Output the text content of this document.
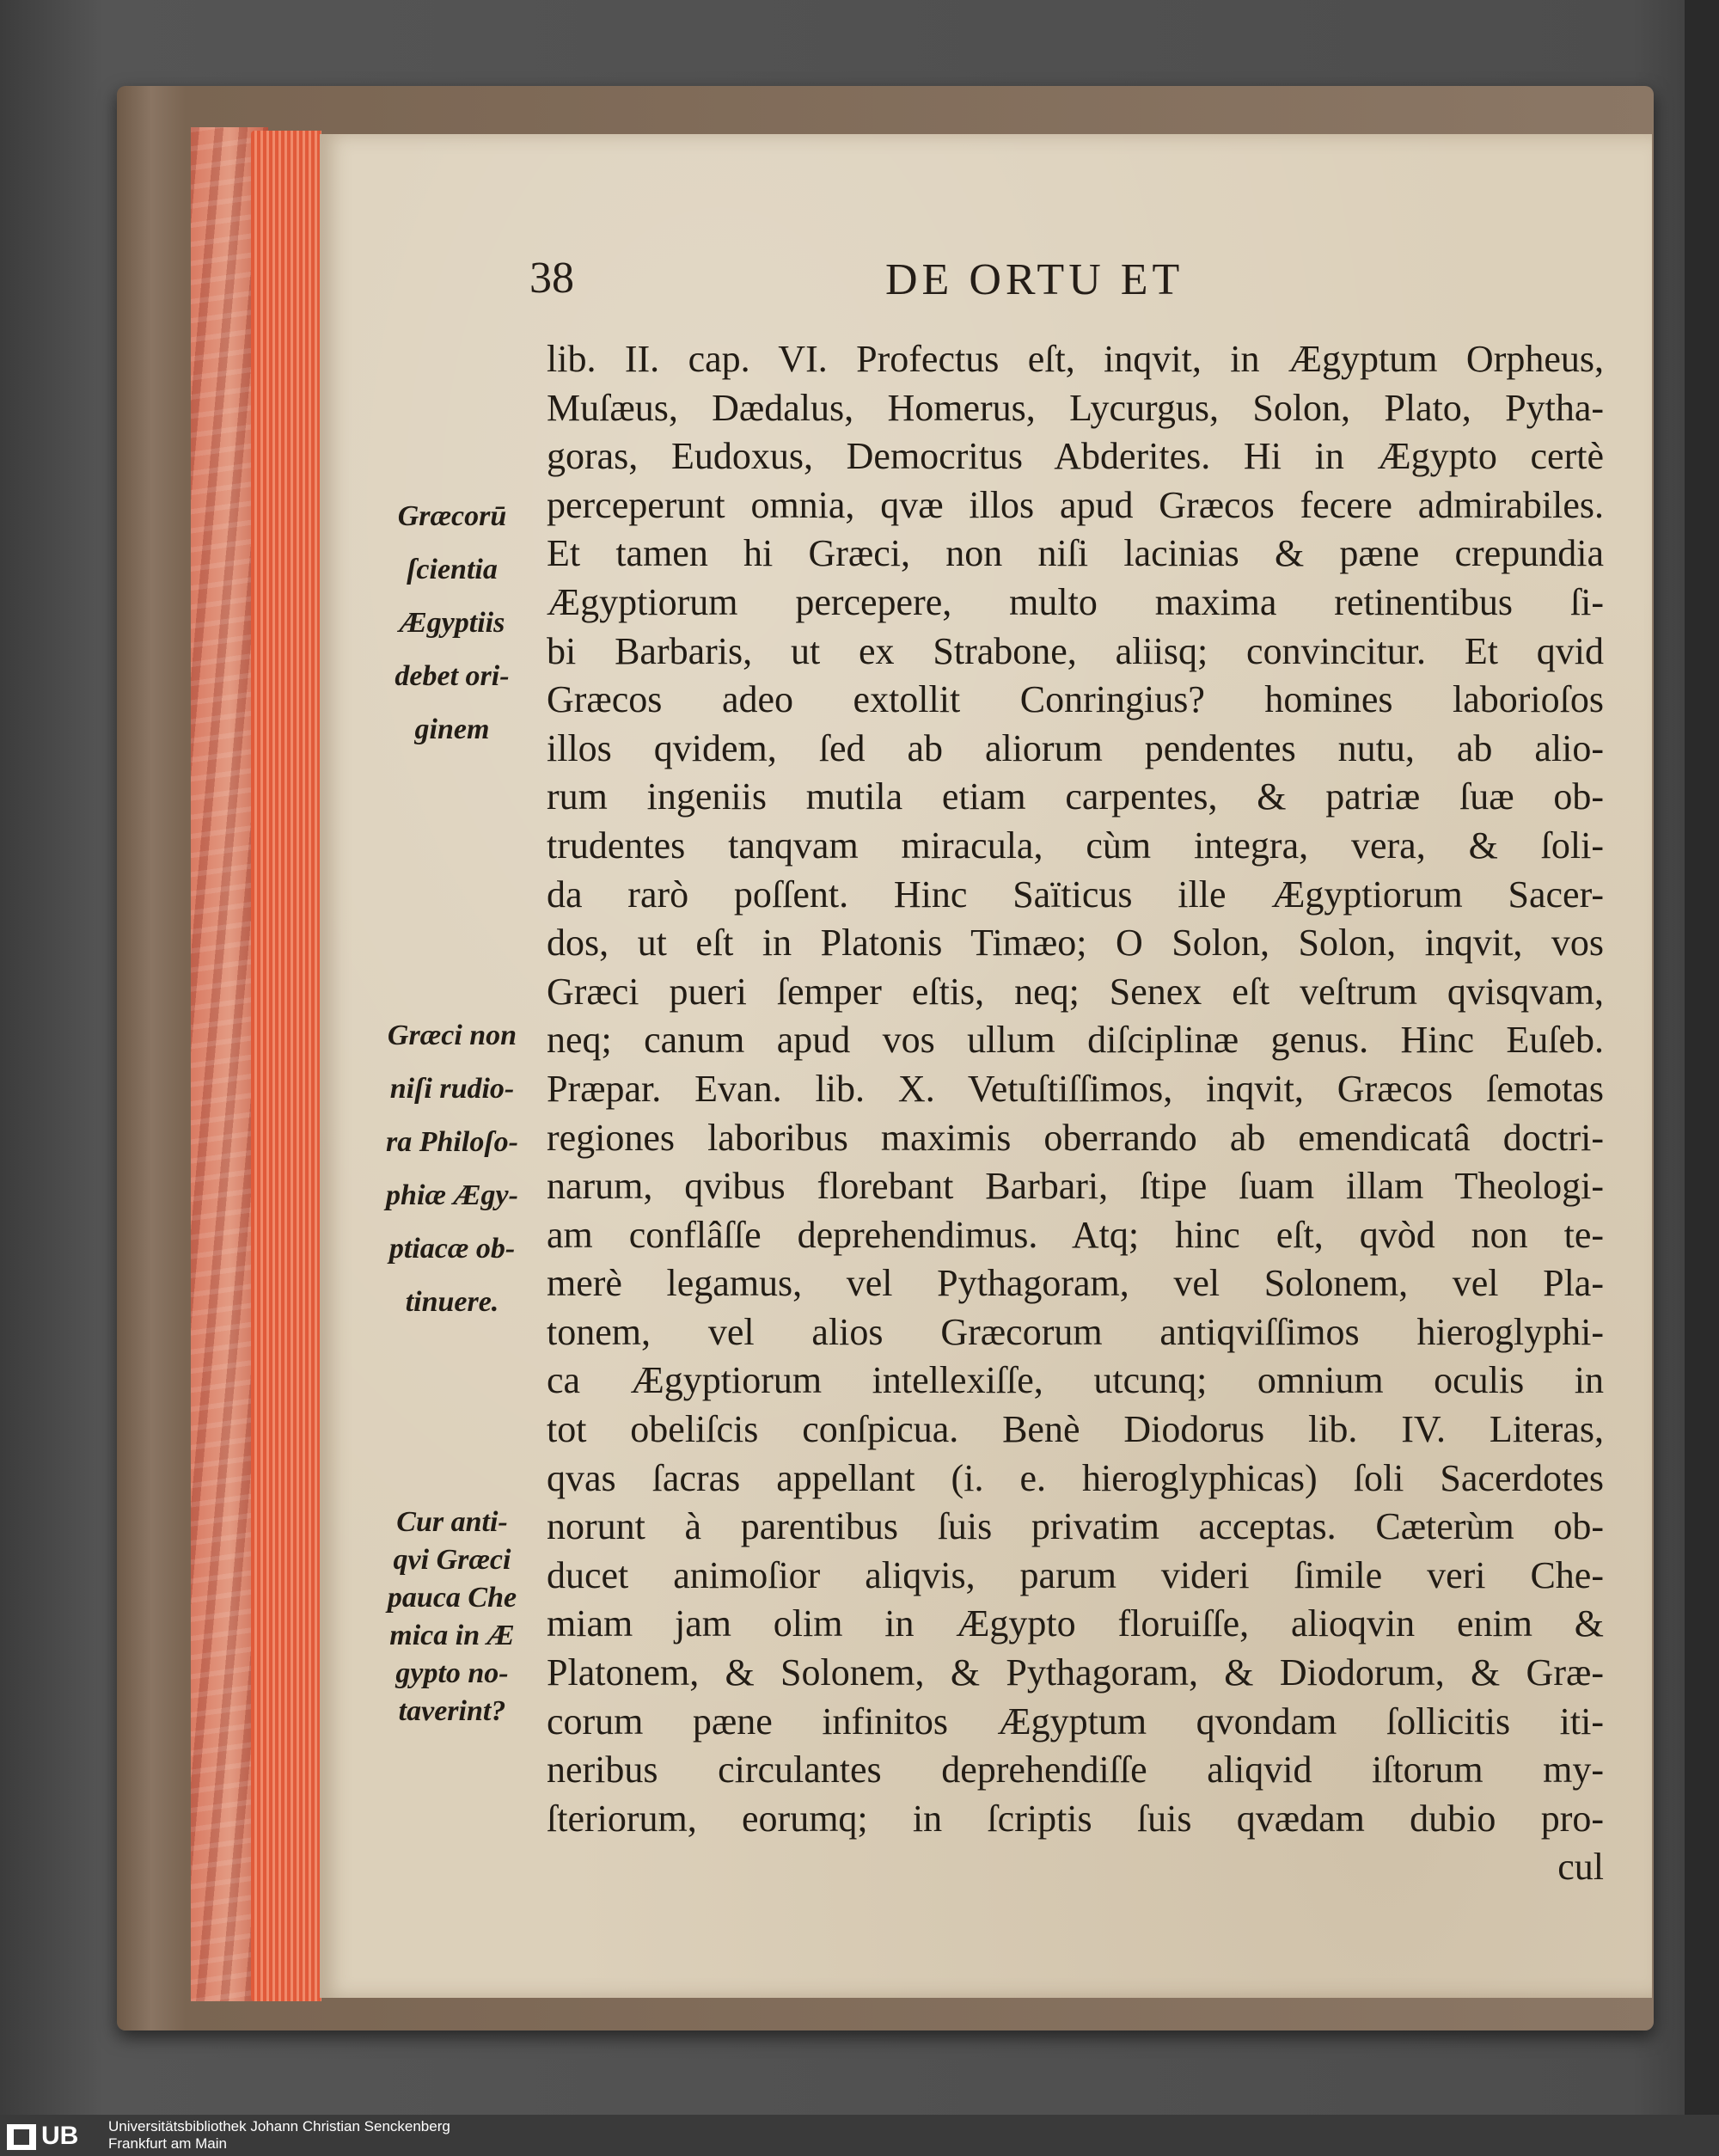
38	DE ORTU ET
lib. II. cap. VI. Profectus eſt, inqvit, in Ægyptum Orpheus,
Muſæus, Dædalus, Homerus, Lycurgus, Solon, Plato, Pytha-
goras, Eudoxus, Democritus Abderites. Hi in Ægypto certè
perceperunt omnia, qvæ illos apud Græcos fecere admirabiles.
Et tamen hi Græci, non niſi lacinias & pæne crepundia
Ægyptiorum percepere, multo maxima retinentibus ſi-
bi Barbaris, ut ex Strabone, aliisq; convincitur. Et qvid
Græcos adeo extollit Conringius? homines laborioſos
illos qvidem, ſed ab aliorum pendentes nutu, ab alio-
rum ingeniis mutila etiam carpentes, & patriæ ſuæ ob-
trudentes tanqvam miracula, cùm integra, vera, & ſoli-
da rarò poſſent. Hinc Saïticus ille Ægyptiorum Sacer-
dos, ut eſt in Platonis Timæo; O Solon, Solon, inqvit, vos
Græci pueri ſemper eſtis, neq; Senex eſt veſtrum qvisqvam,
neq; canum apud vos ullum diſciplinæ genus. Hinc Euſeb.
Præpar. Evan. lib. X. Vetuſtiſſimos, inqvit, Græcos ſemotas
regiones laboribus maximis oberrando ab emendicatâ doctri-
narum, qvibus florebant Barbari, ſtipe ſuam illam Theologi-
am conflâſſe deprehendimus. Atq; hinc eſt, qvòd non te-
merè legamus, vel Pythagoram, vel Solonem, vel Pla-
tonem, vel alios Græcorum antiqviſſimos hieroglyphi-
ca Ægyptiorum intellexiſſe, utcunq; omnium oculis in
tot obeliſcis conſpicua. Benè Diodorus lib. IV. Literas,
qvas ſacras appellant (i. e. hieroglyphicas) ſoli Sacerdotes
norunt à parentibus ſuis privatim acceptas. Cæterùm ob-
ducet animoſior aliqvis, parum videri ſimile veri Che-
miam jam olim in Ægypto floruiſſe, alioqvin enim &
Platonem, & Solonem, & Pythagoram, & Diodorum, & Græ-
corum pæne infinitos Ægyptum qvondam ſollicitis iti-
neribus circulantes deprehendiſſe aliqvid iſtorum my-
ſteriorum, eorumq; in ſcriptis ſuis qvædam dubio pro-
cul
Græcorū
ſcientia
Ægyptiis
debet ori-
ginem
Græci non
niſi rudio-
ra Philoſo-
phiæ Ægy-
ptiacæ ob-
tinuere.
Cur anti-
qvi Græci
pauca Che
mica in Æ
gypto no-
taverint?
UB	Universitätsbibliothek Johann Christian Senckenberg
Frankfurt am Main
